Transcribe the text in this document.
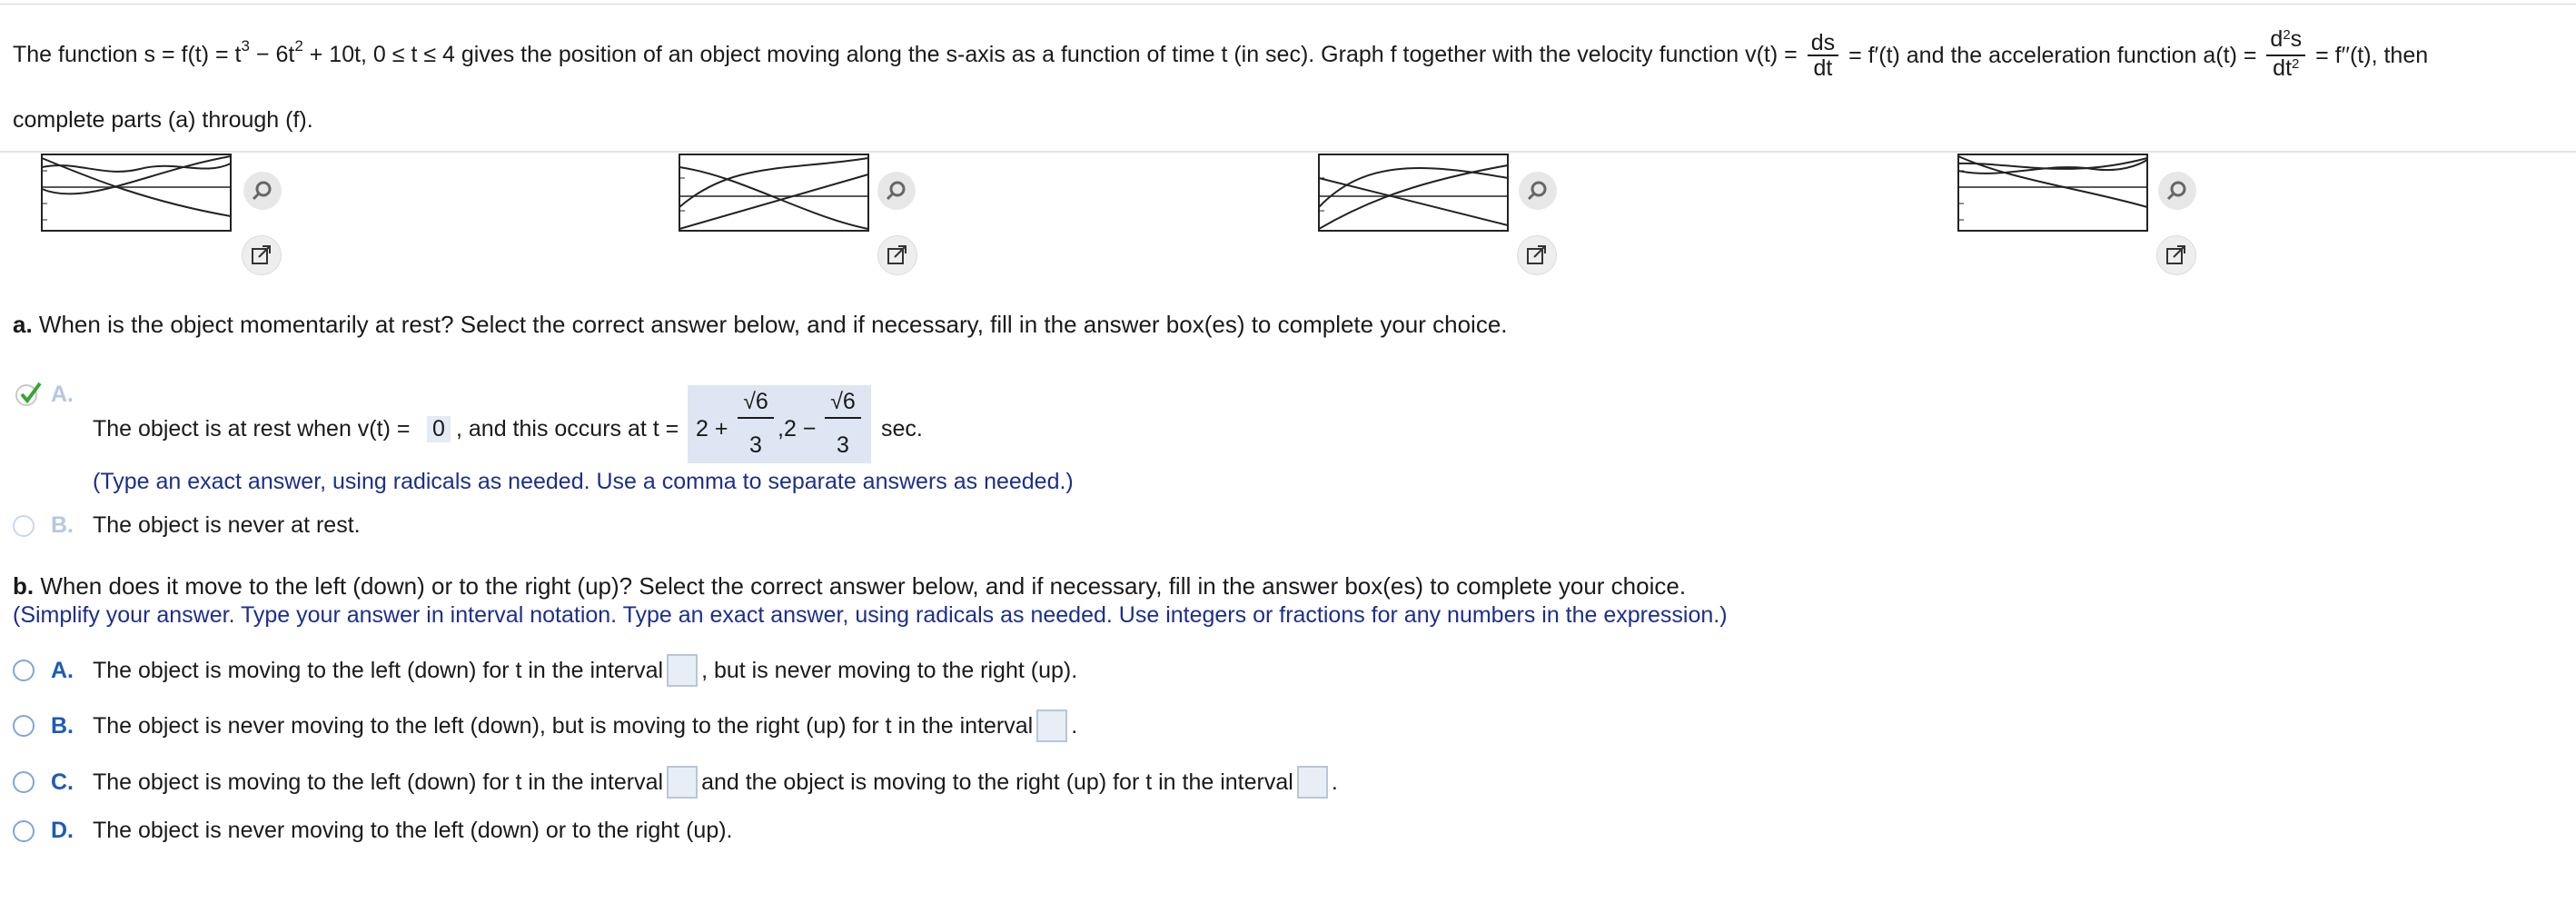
The function $s = f(t) = t^3 - 6t^2 + 10t$, 0 ≤ t ≤ 4 gives the position of an object moving along the s-axis as a function of time t (in sec). Graph f together with the velocity function $v(t) = \frac{ds}{dt} = f'(t)$ and the acceleration function $a(t) = \frac{d^2s}{dt^2} = f''(t)$, then
complete parts (a) through (f).
a. When is the object momentarily at rest? Select the correct answer below, and if necessary, fill in the answer box(es) to complete your choice.
A.
The object is at rest when v(t) = 0 , and this occurs at t = 2 +
√6
3
,2 −
√6
3
sec.
(Type an exact answer, using radicals as needed. Use a comma to separate answers as needed.)
B. The object is never at rest.
b. When does it move to the left (down) or to the right (up)? Select the correct answer below, and if necessary, fill in the answer box(es) to complete your choice.
(Simplify your answer. Type your answer in interval notation. Type an exact answer, using radicals as needed. Use integers or fractions for any numbers in the expression.)
A. The object is moving to the left (down) for t in the interval , but is never moving to the right (up).
B. The object is never moving to the left (down), but is moving to the right (up) for t in the interval .
C. The object is moving to the left (down) for t in the interval and the object is moving to the right (up) for t in the interval .
D. The object is never moving to the left (down) or to the right (up).
